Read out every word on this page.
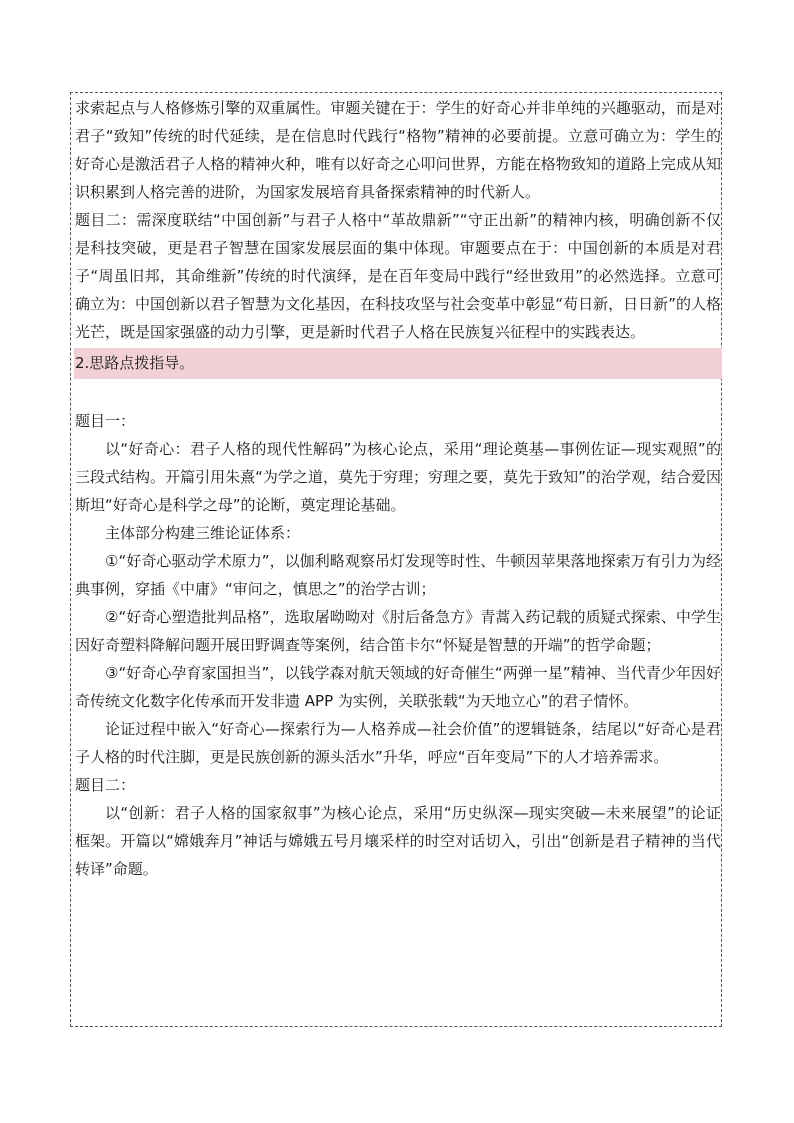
求索起点与人格修炼引擎的双重属性。审题关键在于：学生的好奇心并非单纯的兴趣驱动，而是对君子“致知”传统的时代延续，是在信息时代践行“格物”精神的必要前提。立意可确立为：学生的好奇心是激活君子人格的精神火种，唯有以好奇之心叩问世界，方能在格物致知的道路上完成从知识积累到人格完善的进阶，为国家发展培育具备探索精神的时代新人。

题目二：需深度联结“中国创新”与君子人格中“革故鼎新”“守正出新”的精神内核，明确创新不仅是科技突破，更是君子智慧在国家发展层面的集中体现。审题要点在于：中国创新的本质是对君子“周虽旧邦，其命维新”传统的时代演绎，是在百年变局中践行“经世致用”的必然选择。立意可确立为：中国创新以君子智慧为文化基因，在科技攻坚与社会变革中彰显“苟日新，日日新”的人格光芒，既是国家强盛的动力引擎，更是新时代君子人格在民族复兴征程中的实践表达。

2.思路点拨指导。

题目一：

以“好奇心：君子人格的现代性解码”为核心论点，采用“理论奠基—事例佐证—现实观照”的三段式结构。开篇引用朱熹“为学之道，莫先于穷理；穷理之要，莫先于致知”的治学观，结合爱因斯坦“好奇心是科学之母”的论断，奠定理论基础。

主体部分构建三维论证体系：

①“好奇心驱动学术原力”，以伽利略观察吊灯发现等时性、牛顿因苹果落地探索万有引力为经典事例，穿插《中庸》“审问之，慎思之”的治学古训；

②“好奇心塑造批判品格”，选取屠呦呦对《肘后备急方》青蒿入药记载的质疑式探索、中学生因好奇塑料降解问题开展田野调查等案例，结合笛卡尔“怀疑是智慧的开端”的哲学命题；

③“好奇心孕育家国担当”，以钱学森对航天领域的好奇催生“两弹一星”精神、当代青少年因好奇传统文化数字化传承而开发非遗 APP 为实例，关联张载“为天地立心”的君子情怀。

论证过程中嵌入“好奇心—探索行为—人格养成—社会价值”的逻辑链条，结尾以“好奇心是君子人格的时代注脚，更是民族创新的源头活水”升华，呼应“百年变局”下的人才培养需求。

题目二：

以“创新：君子人格的国家叙事”为核心论点，采用“历史纵深—现实突破—未来展望”的论证框架。开篇以“嫦娥奔月”神话与嫦娥五号月壤采样的时空对话切入，引出“创新是君子精神的当代转译”命题。
